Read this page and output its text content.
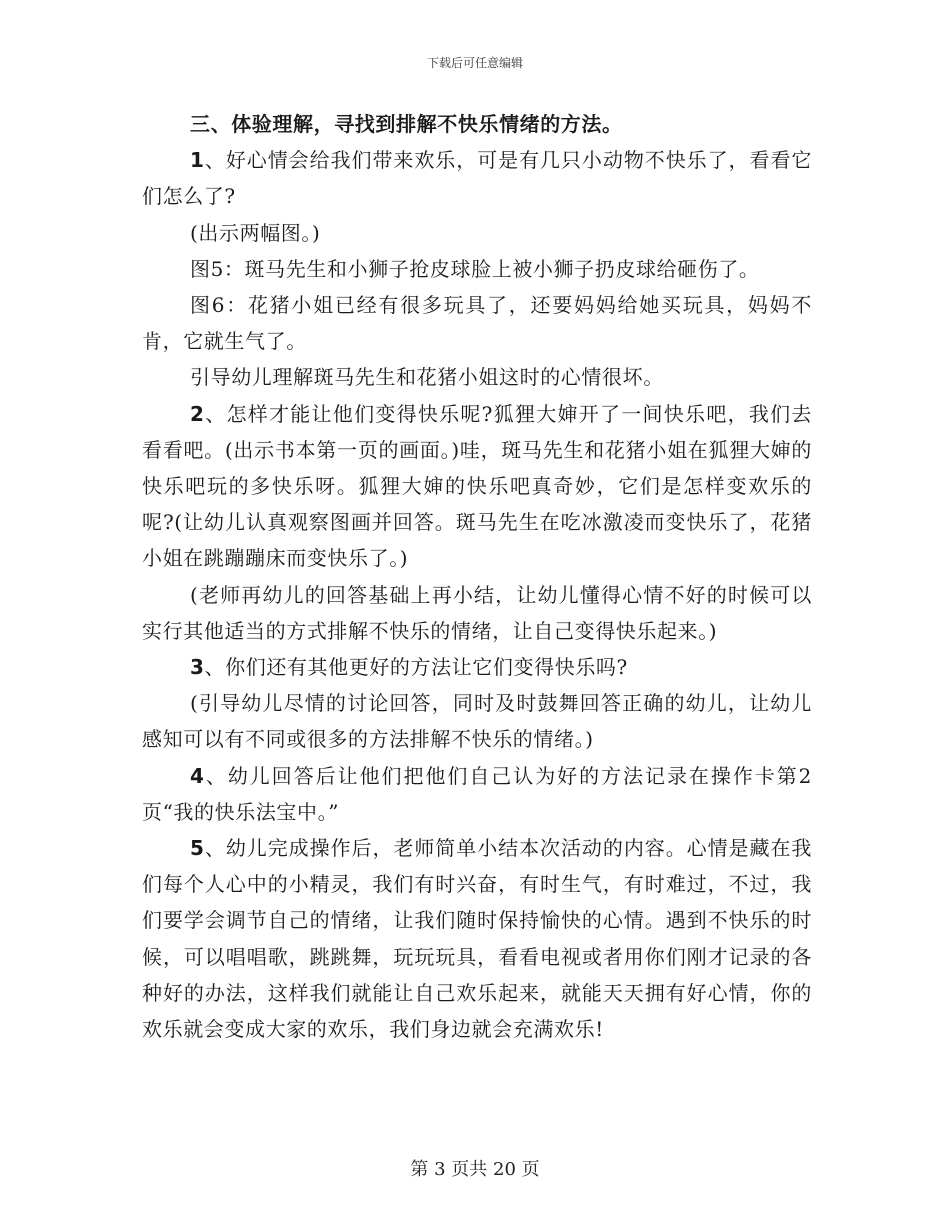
下载后可任意编辑

三、体验理解，寻找到排解不快乐情绪的方法。

1、好心情会给我们带来欢乐，可是有几只小动物不快乐了，看看它们怎么了?

(出示两幅图。)

图5：斑马先生和小狮子抢皮球脸上被小狮子扔皮球给砸伤了。

图6：花猪小姐已经有很多玩具了，还要妈妈给她买玩具，妈妈不肯，它就生气了。

引导幼儿理解斑马先生和花猪小姐这时的心情很坏。

2、怎样才能让他们变得快乐呢?狐狸大婶开了一间快乐吧，我们去看看吧。(出示书本第一页的画面。)哇，斑马先生和花猪小姐在狐狸大婶的快乐吧玩的多快乐呀。狐狸大婶的快乐吧真奇妙，它们是怎样变欢乐的呢?(让幼儿认真观察图画并回答。斑马先生在吃冰激凌而变快乐了，花猪小姐在跳蹦蹦床而变快乐了。)

(老师再幼儿的回答基础上再小结，让幼儿懂得心情不好的时候可以实行其他适当的方式排解不快乐的情绪，让自己变得快乐起来。)

3、你们还有其他更好的方法让它们变得快乐吗?

(引导幼儿尽情的讨论回答，同时及时鼓舞回答正确的幼儿，让幼儿感知可以有不同或很多的方法排解不快乐的情绪。)

4、幼儿回答后让他们把他们自己认为好的方法记录在操作卡第2页“我的快乐法宝中。”

5、幼儿完成操作后，老师简单小结本次活动的内容。心情是藏在我们每个人心中的小精灵，我们有时兴奋，有时生气，有时难过，不过，我们要学会调节自己的情绪，让我们随时保持愉快的心情。遇到不快乐的时候，可以唱唱歌，跳跳舞，玩玩玩具，看看电视或者用你们刚才记录的各种好的办法，这样我们就能让自己欢乐起来，就能天天拥有好心情，你的欢乐就会变成大家的欢乐，我们身边就会充满欢乐!

第 3 页共 20 页
